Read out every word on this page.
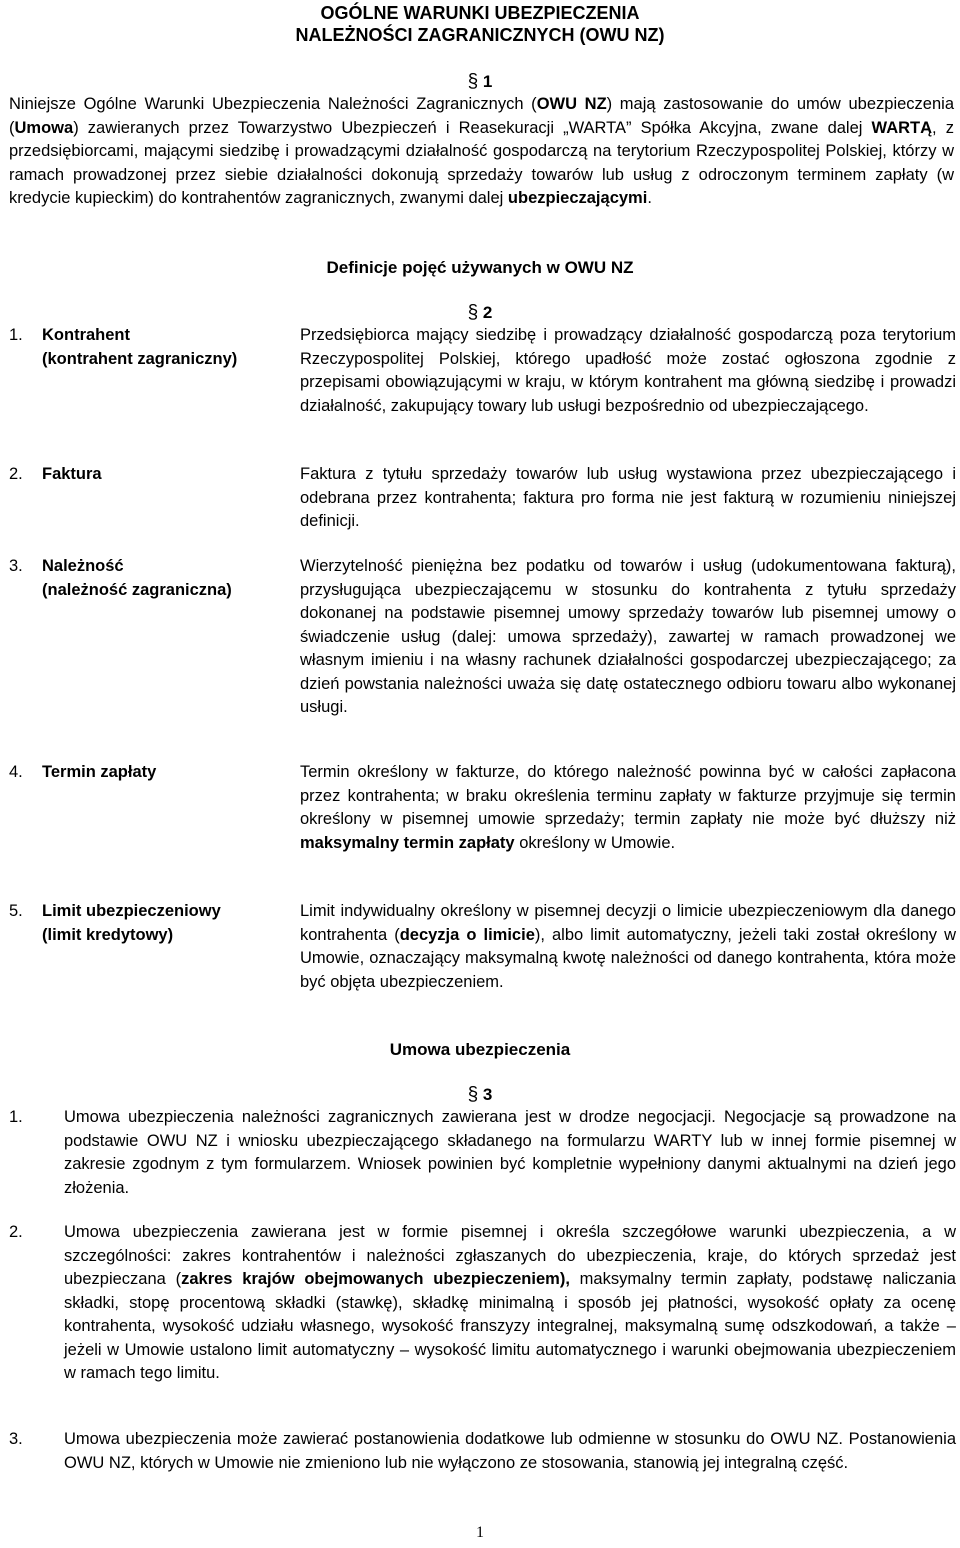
OGÓLNE WARUNKI UBEZPIECZENIA
NALEŻNOŚCI ZAGRANICZNYCH (OWU NZ)
§ 1
Niniejsze Ogólne Warunki Ubezpieczenia Należności Zagranicznych (OWU NZ) mają zastosowanie do umów ubezpieczenia (Umowa) zawieranych przez Towarzystwo Ubezpieczeń i Reasekuracji „WARTA” Spółka Akcyjna, zwane dalej WARTĄ, z przedsiębiorcami, mającymi siedzibę i prowadzącymi działalność gospodarczą na terytorium Rzeczypospolitej Polskiej, którzy w ramach prowadzonej przez siebie działalności dokonują sprzedaży towarów lub usług z odroczonym terminem zapłaty (w kredycie kupieckim) do kontrahentów zagranicznych, zwanymi dalej ubezpieczającymi.
Definicje pojęć używanych w OWU NZ
§ 2
1. Kontrahent
(kontrahent zagraniczny)
Przedsiębiorca mający siedzibę i prowadzący działalność gospodarczą poza terytorium Rzeczypospolitej Polskiej, którego upadłość może zostać ogłoszona zgodnie z przepisami obowiązującymi w kraju, w którym kontrahent ma główną siedzibę i prowadzi działalność, zakupujący towary lub usługi bezpośrednio od ubezpieczającego.
2. Faktura	Faktura z tytułu sprzedaży towarów lub usług wystawiona przez ubezpieczającego i odebrana przez kontrahenta; faktura pro forma nie jest fakturą w rozumieniu niniejszej definicji.
3. Należność
(należność zagraniczna)
Wierzytelność pieniężna bez podatku od towarów i usług (udokumentowana fakturą), przysługująca ubezpieczającemu w stosunku do kontrahenta z tytułu sprzedaży dokonanej na podstawie pisemnej umowy sprzedaży towarów lub pisemnej umowy o świadczenie usług (dalej: umowa sprzedaży), zawartej w ramach prowadzonej we własnym imieniu i na własny rachunek działalności gospodarczej ubezpieczającego; za dzień powstania należności uważa się datę ostatecznego odbioru towaru albo wykonanej usługi.
4. Termin zapłaty	Termin określony w fakturze, do którego należność powinna być w całości zapłacona przez kontrahenta; w braku określenia terminu zapłaty w fakturze przyjmuje się termin określony w pisemnej umowie sprzedaży; termin zapłaty nie może być dłuższy niż maksymalny termin zapłaty określony w Umowie.
5. Limit ubezpieczeniowy
(limit kredytowy)
Limit indywidualny określony w pisemnej decyzji o limicie ubezpieczeniowym dla danego kontrahenta (decyzja o limicie), albo limit automatyczny, jeżeli taki został określony w Umowie, oznaczający maksymalną kwotę należności od danego kontrahenta, która może być objęta ubezpieczeniem.
Umowa ubezpieczenia
§ 3
1. Umowa ubezpieczenia należności zagranicznych zawierana jest w drodze negocjacji. Negocjacje są prowadzone na podstawie OWU NZ i wniosku ubezpieczającego składanego na formularzu WARTY lub w innej formie pisemnej w zakresie zgodnym z tym formularzem. Wniosek powinien być kompletnie wypełniony danymi aktualnymi na dzień jego złożenia.
2. Umowa ubezpieczenia zawierana jest w formie pisemnej i określa szczegółowe warunki ubezpieczenia, a w szczególności: zakres kontrahentów i należności zgłaszanych do ubezpieczenia, kraje, do których sprzedaż jest ubezpieczana (zakres krajów obejmowanych ubezpieczeniem), maksymalny termin zapłaty, podstawę naliczania składki, stopę procentową składki (stawkę), składkę minimalną i sposób jej płatności, wysokość opłaty za ocenę kontrahenta, wysokość udziału własnego, wysokość franszyzy integralnej, maksymalną sumę odszkodowań, a także – jeżeli w Umowie ustalono limit automatyczny – wysokość limitu automatycznego i warunki obejmowania ubezpieczeniem w ramach tego limitu.
3. Umowa ubezpieczenia może zawierać postanowienia dodatkowe lub odmienne w stosunku do OWU NZ. Postanowienia OWU NZ, których w Umowie nie zmieniono lub nie wyłączono ze stosowania, stanowią jej integralną część.
1
